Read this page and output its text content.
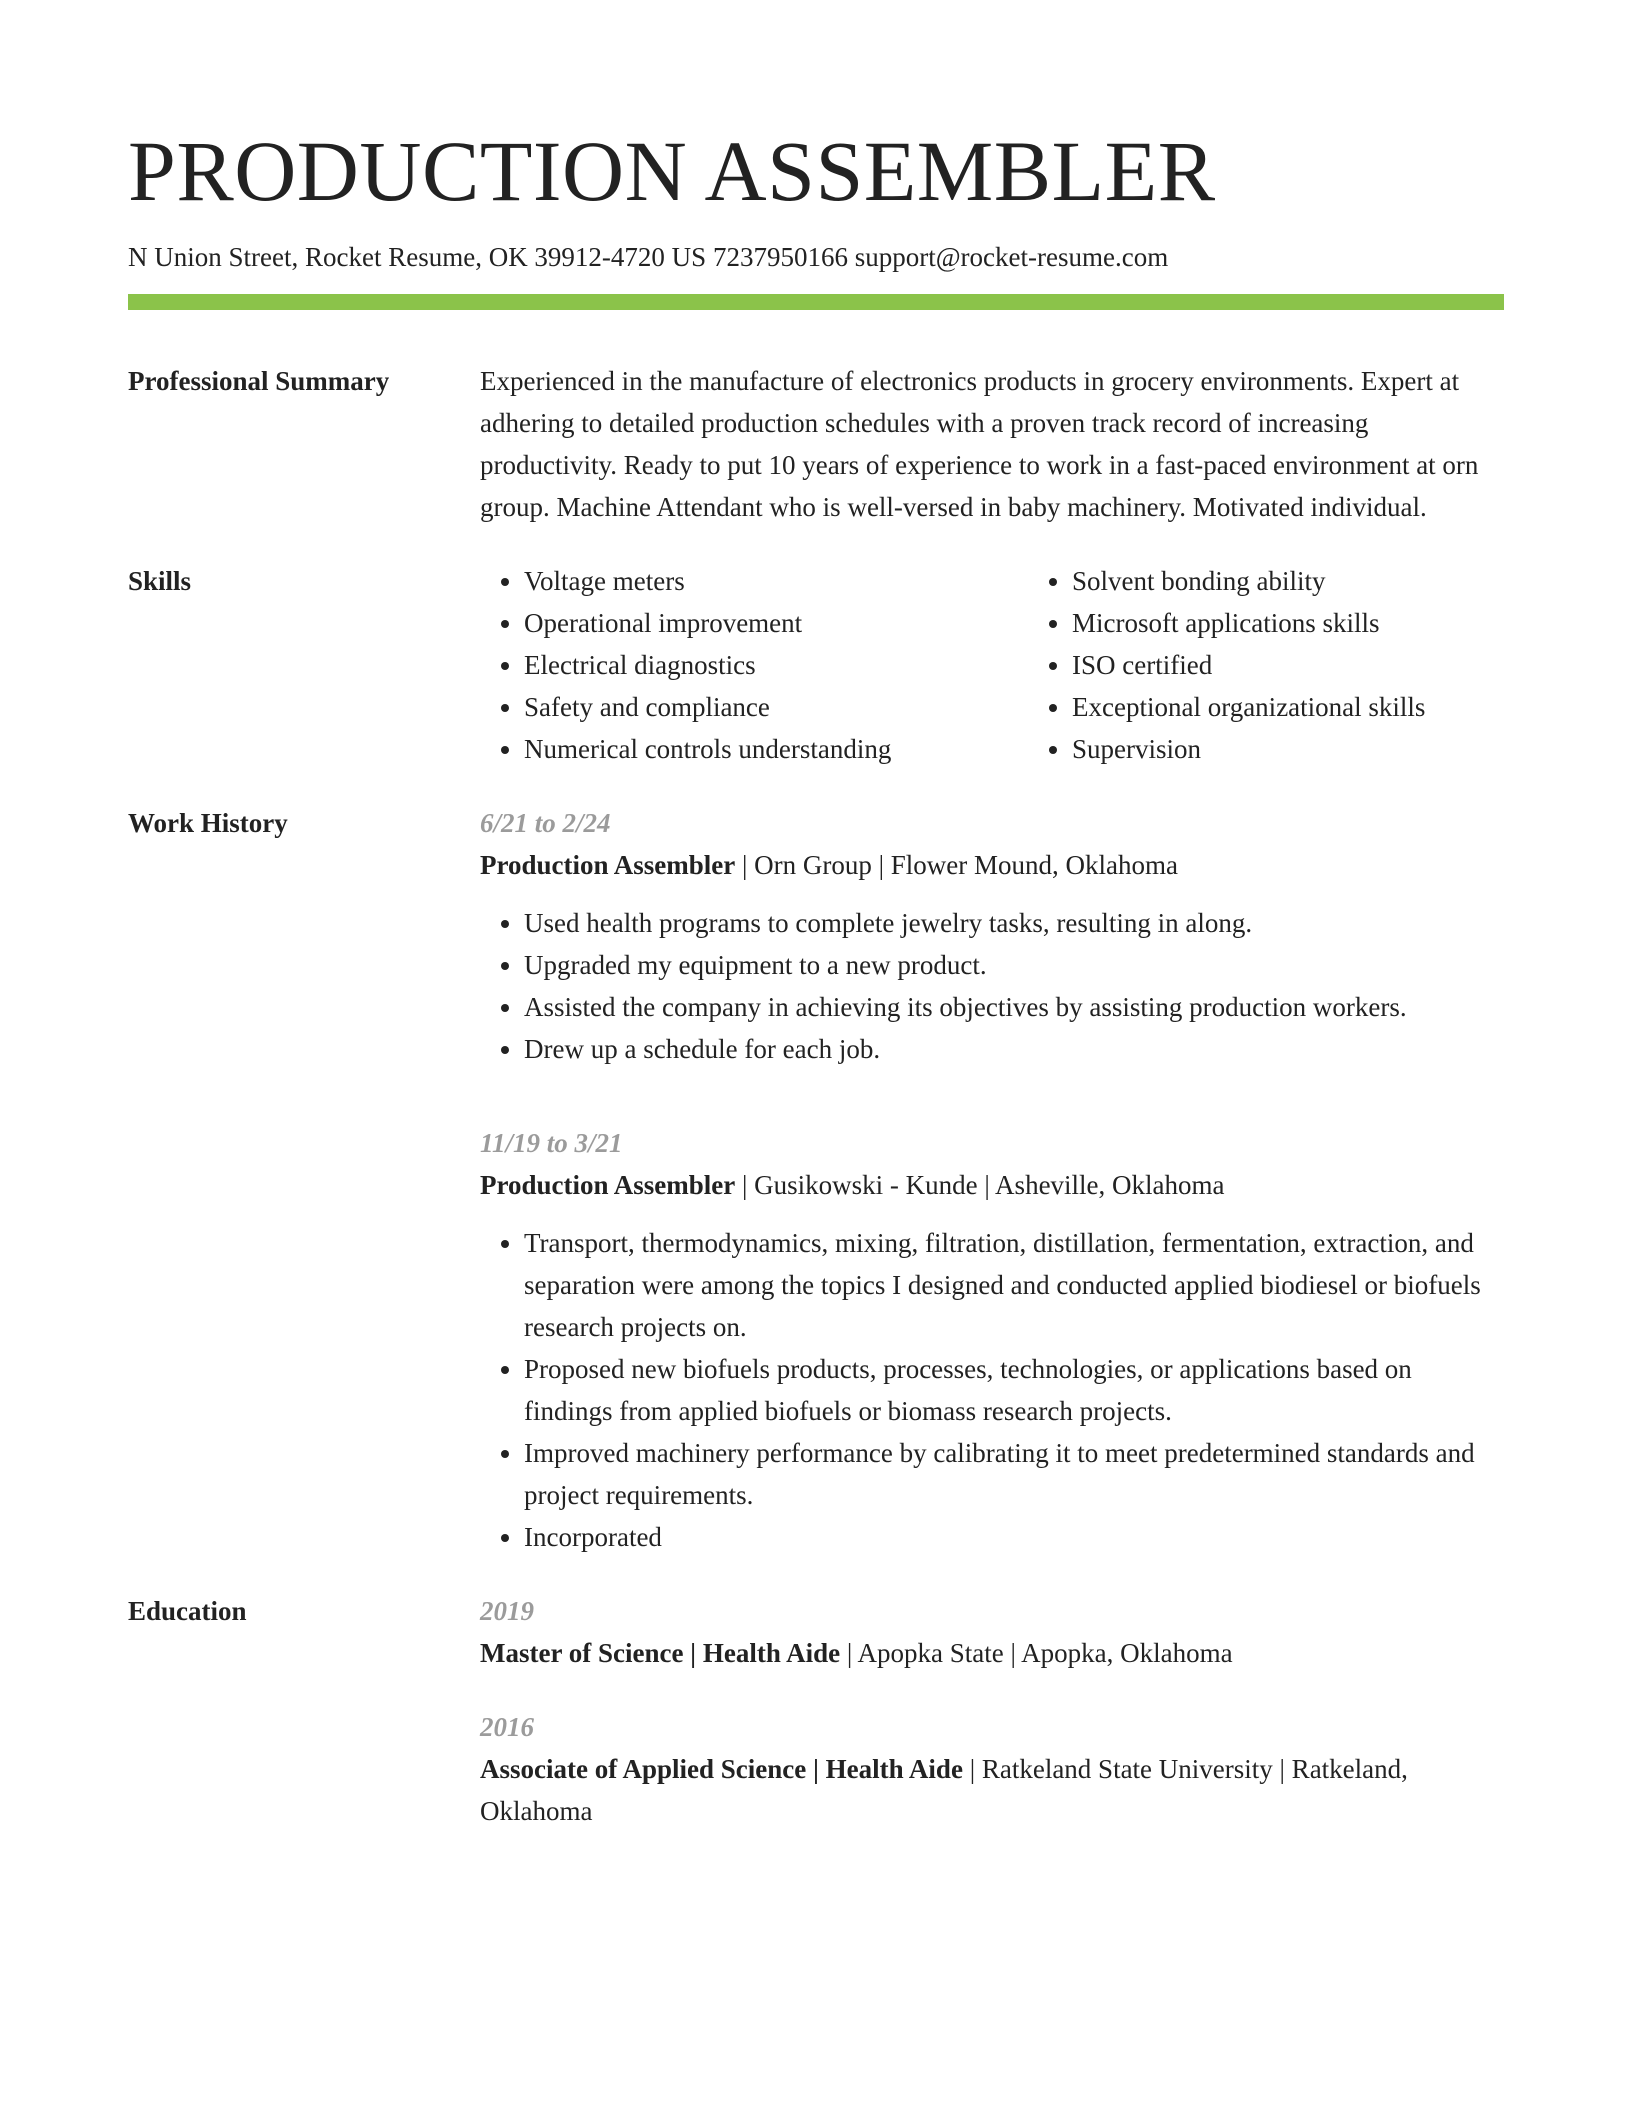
PRODUCTION ASSEMBLER
N Union Street, Rocket Resume, OK 39912-4720 US 7237950166 support@rocket-resume.com
Professional Summary	Experienced in the manufacture of electronics products in grocery environments. Expert at adhering to detailed production schedules with a proven track record of increasing productivity. Ready to put 10 years of experience to work in a fast-paced environment at orn group. Machine Attendant who is well-versed in baby machinery. Motivated individual.
Skills
•	Voltage meters
• Operational improvement
• Electrical diagnostics
• Safety and compliance
• Numerical controls understanding
• Solvent bonding ability
• Microsoft applications skills
• ISO certified
• Exceptional organizational skills
• Supervision
Work History	6/21 to 2/24
Production Assembler | Orn Group | Flower Mound, Oklahoma
• Used health programs to complete jewelry tasks, resulting in along.
• Upgraded my equipment to a new product.
• Assisted the company in achieving its objectives by assisting production workers.
• Drew up a schedule for each job.
11/19 to 3/21
Production Assembler | Gusikowski - Kunde | Asheville, Oklahoma
• Transport, thermodynamics, mixing, filtration, distillation, fermentation, extraction, and separation were among the topics I designed and conducted applied biodiesel or biofuels research projects on.
• Proposed new biofuels products, processes, technologies, or applications based on findings from applied biofuels or biomass research projects.
• Improved machinery performance by calibrating it to meet predetermined standards and project requirements.
• Incorporated
Education	2019
Master of Science | Health Aide | Apopka State | Apopka, Oklahoma
2016
Associate of Applied Science | Health Aide | Ratkeland State University | Ratkeland, Oklahoma
